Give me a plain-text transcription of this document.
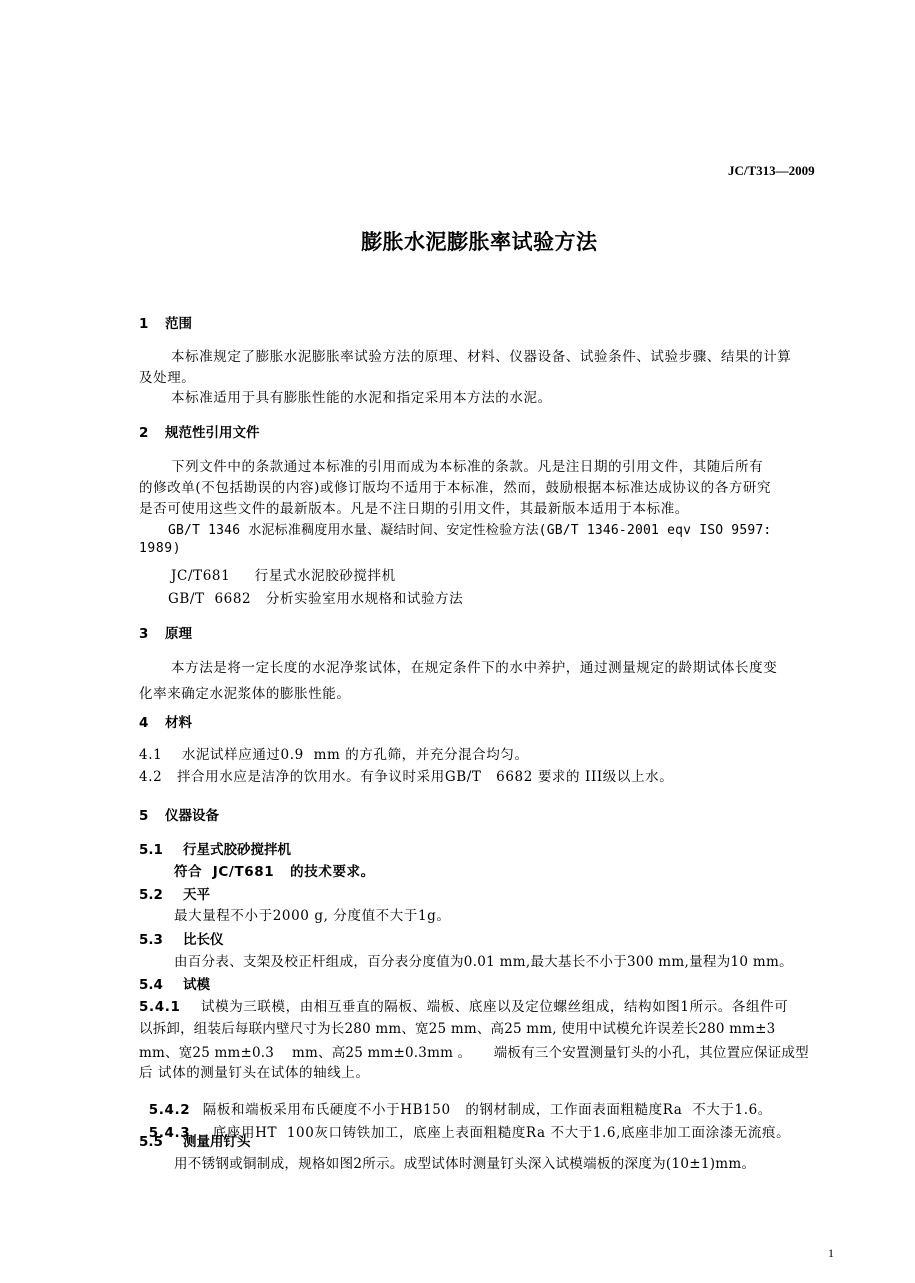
JC/T313—2009
膨胀水泥膨胀率试验方法
1 范围
本标准规定了膨胀水泥膨胀率试验方法的原理、材料、仪器设备、试验条件、试验步骤、结果的计算
及处理。
本标准适用于具有膨胀性能的水泥和指定采用本方法的水泥。
2 规范性引用文件
下列文件中的条款通过本标准的引用而成为本标准的条款。凡是注日期的引用文件，其随后所有
的修改单(不包括勘误的内容)或修订版均不适用于本标准，然而，鼓励根据本标准达成协议的各方研究
是否可使用这些文件的最新版本。凡是不注日期的引用文件，其最新版本适用于本标准。
GB/T 1346 水泥标准稠度用水量、凝结时间、安定性检验方法(GB/T 1346-2001 eqv ISO 9597:
1989)
JC/T681     行星式水泥胶砂搅拌机
GB/T  6682   分析实验室用水规格和试验方法
3 原理
本方法是将一定长度的水泥净浆试体，在规定条件下的水中养护，通过测量规定的龄期试体长度变
化率来确定水泥浆体的膨胀性能。
4 材料
4.1    水泥试样应通过0.9  mm 的方孔筛，并充分混合均匀。
4.2   拌合用水应是洁净的饮用水。有争议时采用GB/T   6682 要求的 III级以上水。
5 仪器设备
5.1 行星式胶砂搅拌机
符合  JC/T681   的技术要求。
5.2 天平
最大量程不小于2000 g, 分度值不大于1g。
5.3 比长仪
由百分表、支架及校正杆组成，百分表分度值为0.01 mm,最大基长不小于300 mm,量程为10 mm。
5.4 试模
5.4.1 试模为三联模，由相互垂直的隔板、端板、底座以及定位螺丝组成，结构如图1所示。各组件可
以拆卸，组装后每联内壁尺寸为长280 mm、宽25 mm、高25 mm, 使用中试模允许误差长280 mm±3
mm、宽25 mm±0.3    mm、高25 mm±0.3mm 。     端板有三个安置测量钉头的小孔，其位置应保证成型
后 试体的测量钉头在试体的轴线上。

5.4.2 隔板和端板采用布氏硬度不小于HB150   的钢材制成，工作面表面粗糙度Ra  不大于1.6。

5.4.3 底座用HT  100灰口铸铁加工，底座上表面粗糙度Ra 不大于1.6,底座非加工面涂漆无流痕。

5.5 测量用钉头
用不锈钢或铜制成，规格如图2所示。成型试体时测量钉头深入试模端板的深度为(10±1)mm。
1
